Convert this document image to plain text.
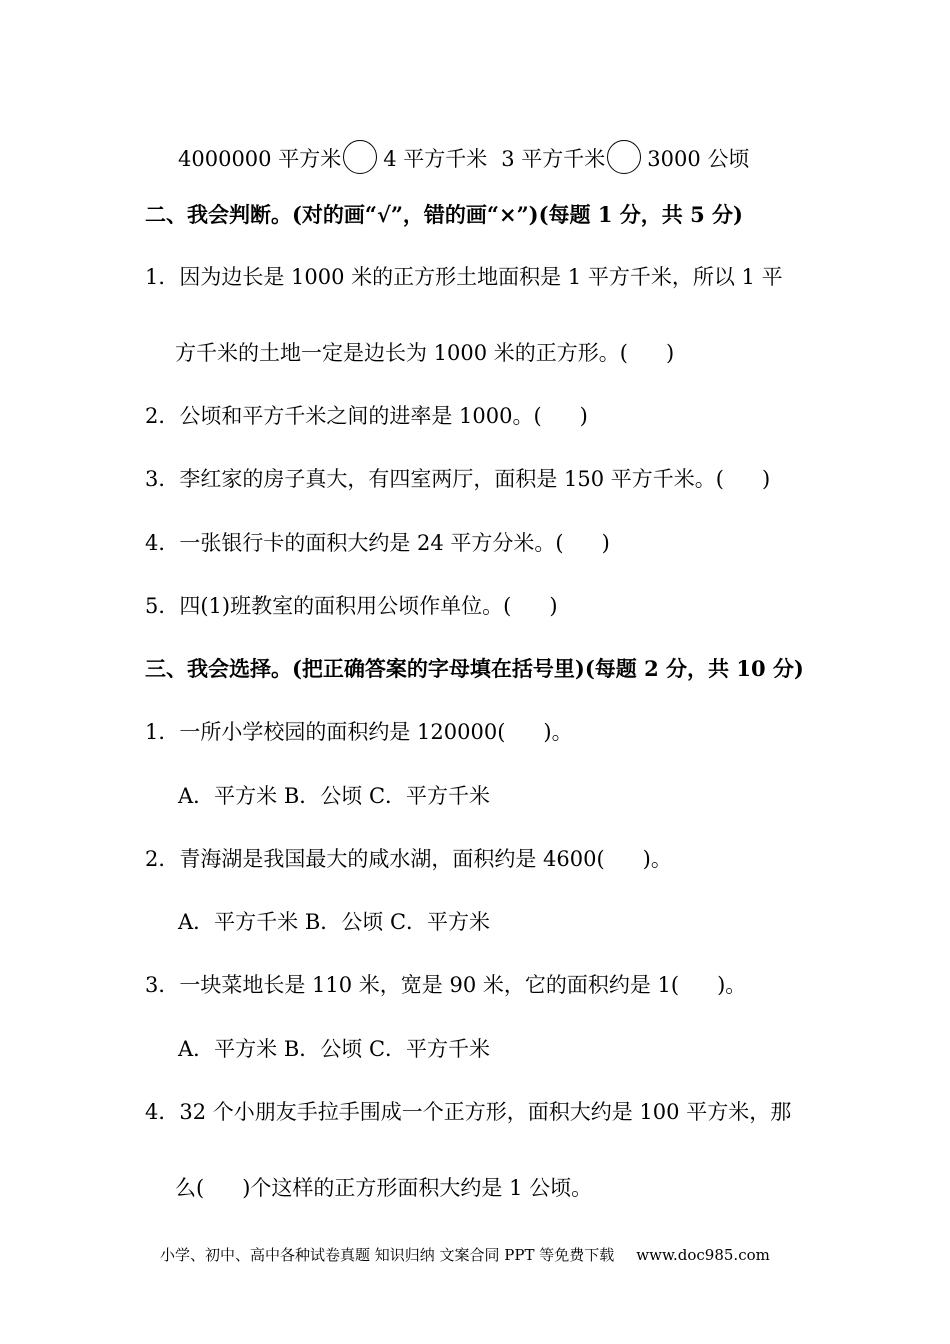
4000000 平方米 4 平方千米 3 平方千米 3000 公顷
二、我会判断。(对的画“√”，错的画“×”)(每题 1 分，共 5 分)
1．因为边长是 1000 米的正方形土地面积是 1 平方千米，所以 1 平
方千米的土地一定是边长为 1000 米的正方形。( )
2．公顷和平方千米之间的进率是 1000。( )
3．李红家的房子真大，有四室两厅，面积是 150 平方千米。( )
4．一张银行卡的面积大约是 24 平方分米。( )
5．四(1)班教室的面积用公顷作单位。( )
三、我会选择。(把正确答案的字母填在括号里)(每题 2 分，共 10 分)
1．一所小学校园的面积约是 120000( )。
A．平方米 B．公顷 C．平方千米
2．青海湖是我国最大的咸水湖，面积约是 4600( )。
A．平方千米 B．公顷 C．平方米
3．一块菜地长是 110 米，宽是 90 米，它的面积约是 1( )。
A．平方米 B．公顷 C．平方千米
4．32 个小朋友手拉手围成一个正方形，面积大约是 100 平方米，那
么( )个这样的正方形面积大约是 1 公顷。
小学、初中、高中各种试卷真题 知识归纳 文案合同 PPT 等免费下载 www.doc985.com
